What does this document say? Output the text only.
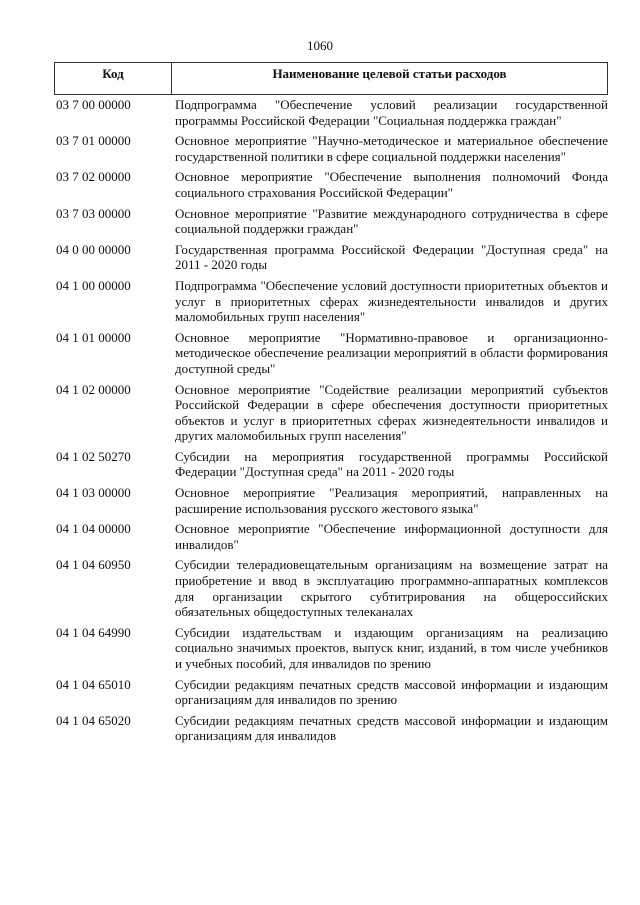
1060
Код	Наименование целевой статьи расходов
03 7 00 00000	Подпрограмма "Обеспечение условий реализации государственной программы Российской Федерации "Социальная поддержка граждан"
03 7 01 00000	Основное мероприятие "Научно-методическое и материальное обеспечение государственной политики в сфере социальной поддержки населения"
03 7 02 00000	Основное мероприятие "Обеспечение выполнения полномочий Фонда социального страхования Российской Федерации"
03 7 03 00000	Основное мероприятие "Развитие международного сотрудничества в сфере социальной поддержки граждан"
04 0 00 00000	Государственная программа Российской Федерации "Доступная среда" на 2011 - 2020 годы
04 1 00 00000	Подпрограмма "Обеспечение условий доступности приоритетных объектов и услуг в приоритетных сферах жизнедеятельности инвалидов и других маломобильных групп населения"
04 1 01 00000	Основное мероприятие "Нормативно-правовое и организационно-методическое обеспечение реализации мероприятий в области формирования доступной среды"
04 1 02 00000	Основное мероприятие "Содействие реализации мероприятий субъектов Российской Федерации в сфере обеспечения доступности приоритетных объектов и услуг в приоритетных сферах жизнедеятельности инвалидов и других маломобильных групп населения"
04 1 02 50270	Субсидии на мероприятия государственной программы Российской Федерации "Доступная среда" на 2011 - 2020 годы
04 1 03 00000	Основное мероприятие "Реализация мероприятий, направленных на расширение использования русского жестового языка"
04 1 04 00000	Основное мероприятие "Обеспечение информационной доступности для инвалидов"
04 1 04 60950	Субсидии телерадиовещательным организациям на возмещение затрат на приобретение и ввод в эксплуатацию программно-аппаратных комплексов для организации скрытого субтитрирования на общероссийских обязательных общедоступных телеканалах
04 1 04 64990	Субсидии издательствам и издающим организациям на реализацию социально значимых проектов, выпуск книг, изданий, в том числе учебников и учебных пособий, для инвалидов по зрению
04 1 04 65010	Субсидии редакциям печатных средств массовой информации и издающим организациям для инвалидов по зрению
04 1 04 65020	Субсидии редакциям печатных средств массовой информации и издающим организациям для инвалидов
